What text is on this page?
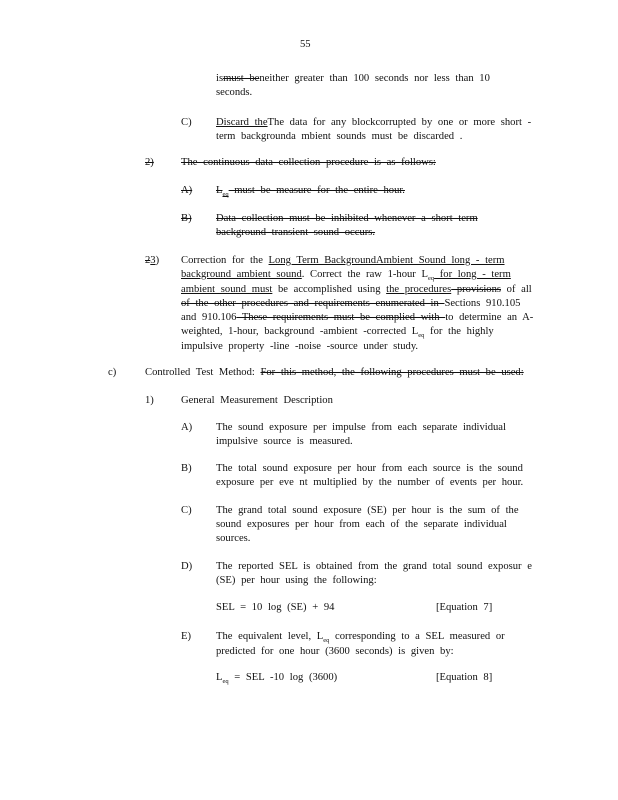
55
ismust beneither greater than 100 seconds nor less than 10
seconds.
C) Discard theThe data for any blockcorrupted by one or more short - term backgrounda mbient sounds must be discarded .
2)	The continuous data collection procedure is as follows:
A) $L_{eq}$ must be measure for the entire hour.
B) Data collection must be inhibited whenever a short term background transient sound occurs.
23) Correction for the Long Term BackgroundAmbient Sound long - term background ambient sound. Correct the raw 1-hour $L_{eq}$ for long - term ambient sound must be accomplished using the procedures provisions of all of the other procedures and requirements enumerated in Sections 910.105 and 910.106 These requirements must be complied with to determine an A-weighted, 1-hour, background -ambient -corrected $L_{eq}$ for the highly impulsive property -line -noise -source under study.
c)	Controlled Test Method: For this method, the following procedures must be used:
1)	General Measurement Description
A) The sound exposure per impulse from each separate individual impulsive source is measured.
B) The total sound exposure per hour from each source is the sound exposure per eve nt multiplied by the number of events per hour.
C) The grand total sound exposure (SE) per hour is the sum of the sound exposures per hour from each of the separate individual sources.
D) The reported SEL is obtained from the grand total sound exposur e (SE) per hour using the following:
SEL = 10 log (SE) + 94	[Equation 7]
E) The equivalent level, $L_{eq}$ corresponding to a SEL measured or predicted for one hour (3600 seconds) is given by:
$L_{eq}$ = SEL -10 log (3600)	[Equation 8]
